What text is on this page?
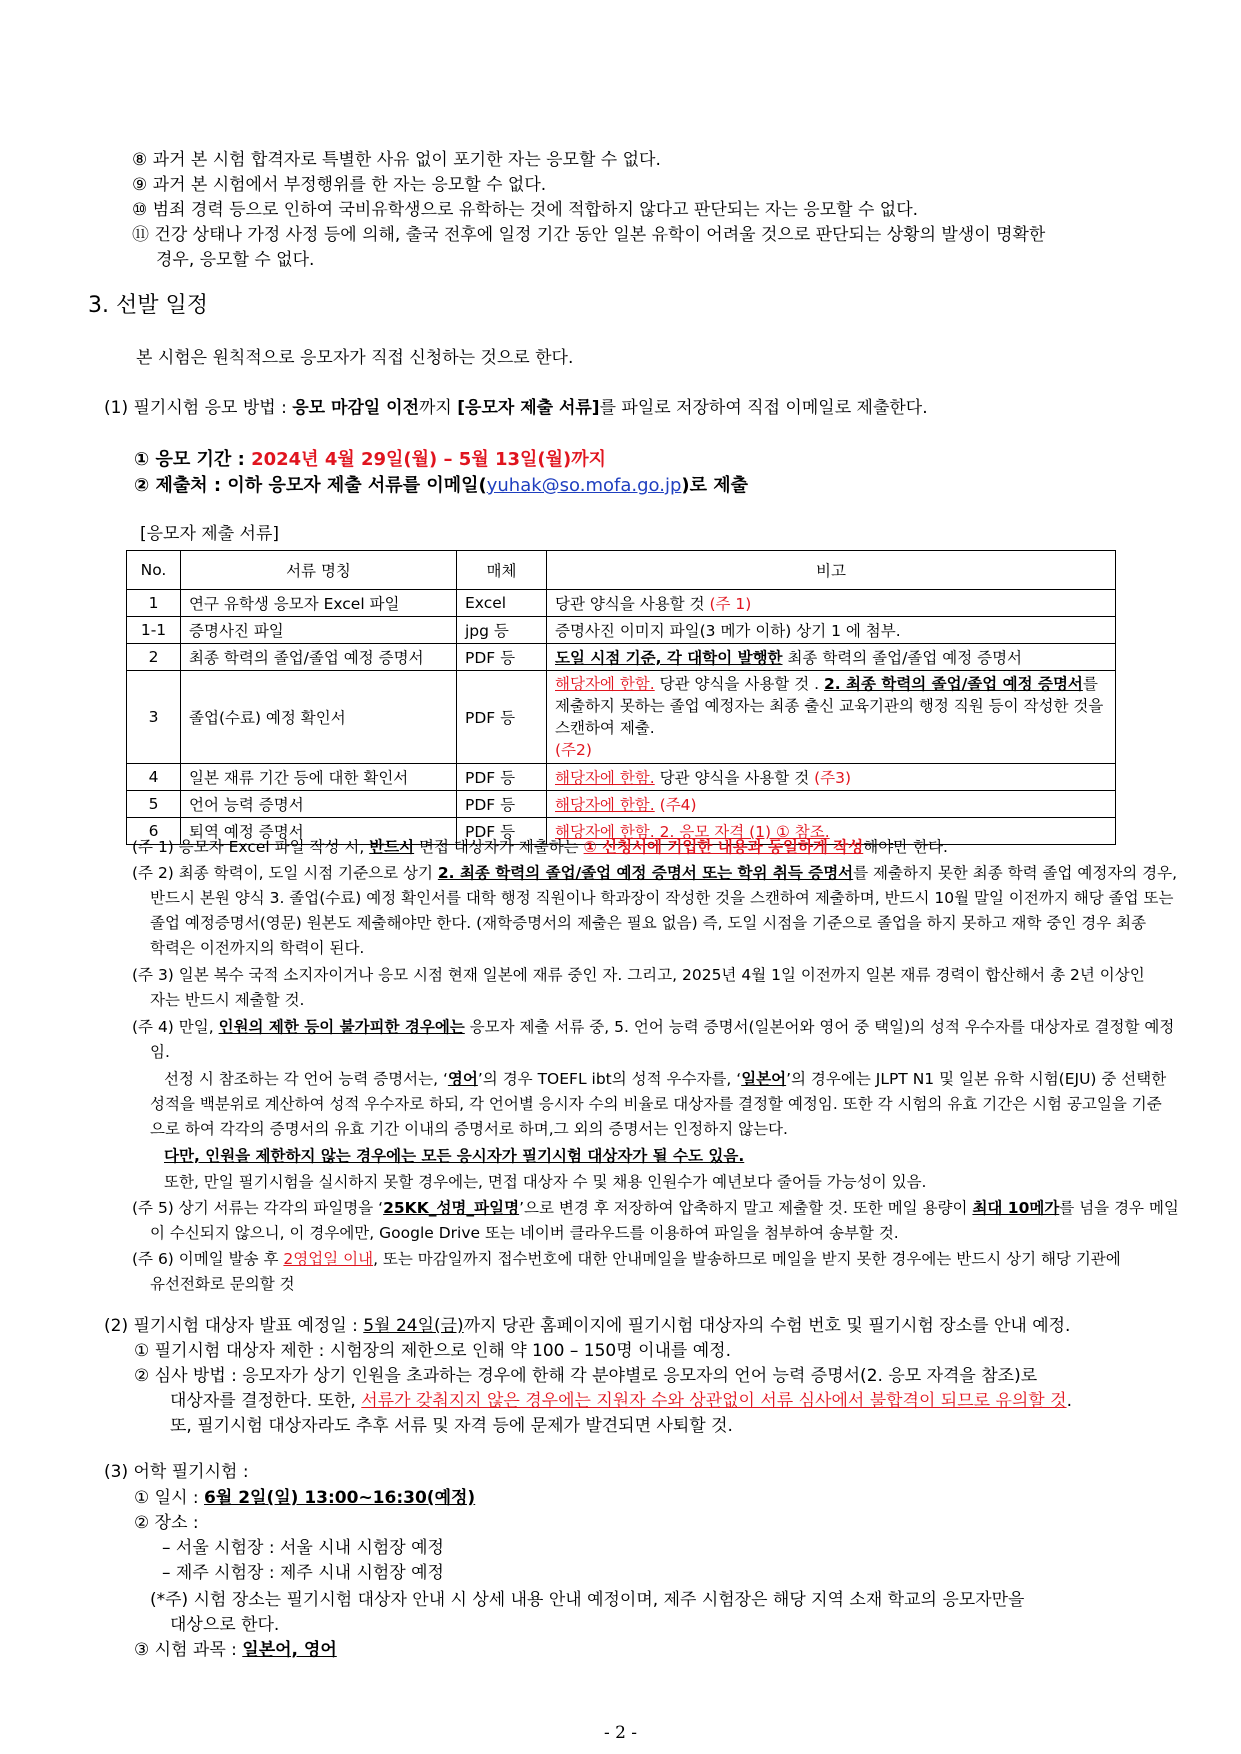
⑧ 과거 본 시험 합격자로 특별한 사유 없이 포기한 자는 응모할 수 없다.
⑨ 과거 본 시험에서 부정행위를 한 자는 응모할 수 없다.
⑩ 범죄 경력 등으로 인하여 국비유학생으로 유학하는 것에 적합하지 않다고 판단되는 자는 응모할 수 없다.
⑪ 건강 상태나 가정 사정 등에 의해, 출국 전후에 일정 기간 동안 일본 유학이 어려울 것으로 판단되는 상황의 발생이 명확한
경우, 응모할 수 없다.
3. 선발 일정
본 시험은 원칙적으로 응모자가 직접 신청하는 것으로 한다.
(1) 필기시험 응모 방법 : 응모 마감일 이전까지 [응모자 제출 서류]를 파일로 저장하여 직접 이메일로 제출한다.
① 응모 기간 : 2024년 4월 29일(월) – 5월 13일(월)까지
② 제출처 : 이하 응모자 제출 서류를 이메일(yuhak@so.mofa.go.jp)로 제출
[응모자 제출 서류]
No.	서류 명칭	매체	비고
1	연구 유학생 응모자 Excel 파일	Excel	당관 양식을 사용할 것 (주 1)
1-1	증명사진 파일	jpg 등	증명사진 이미지 파일(3 메가 이하) 상기 1 에 첨부.
2	최종 학력의 졸업/졸업 예정 증명서	PDF 등	도일 시점 기준, 각 대학이 발행한 최종 학력의 졸업/졸업 예정 증명서
3	졸업(수료) 예정 확인서	PDF 등	해당자에 한함. 당관 양식을 사용할 것 . 2. 최종 학력의 졸업/졸업 예정 증명서를 제출하지 못하는 졸업 예정자는 최종 출신 교육기관의 행정 직원 등이 작성한 것을 스캔하여 제출.
(주2)
4	일본 재류 기간 등에 대한 확인서	PDF 등	해당자에 한함. 당관 양식을 사용할 것 (주3)
5	언어 능력 증명서	PDF 등	해당자에 한함. (주4)
6	퇴역 예정 증명서	PDF 등	해당자에 한함. 2. 응모 자격 (1) ① 참조.
(주 1) 응모자 Excel 파일 작성 시, 반드시 면접 대상자가 제출하는 ① 신청서에 기입한 내용과 동일하게 작성해야만 한다.
(주 2) 최종 학력이, 도일 시점 기준으로 상기 2. 최종 학력의 졸업/졸업 예정 증명서 또는 학위 취득 증명서를 제출하지 못한 최종 학력 졸업 예정자의 경우,
반드시 본원 양식 3. 졸업(수료) 예정 확인서를 대학 행정 직원이나 학과장이 작성한 것을 스캔하여 제출하며, 반드시 10월 말일 이전까지 해당 졸업 또는
졸업 예정증명서(영문) 원본도 제출해야만 한다. (재학증명서의 제출은 필요 없음) 즉, 도일 시점을 기준으로 졸업을 하지 못하고 재학 중인 경우 최종
학력은 이전까지의 학력이 된다.
(주 3) 일본 복수 국적 소지자이거나 응모 시점 현재 일본에 재류 중인 자. 그리고, 2025년 4월 1일 이전까지 일본 재류 경력이 합산해서 총 2년 이상인
자는 반드시 제출할 것.
(주 4) 만일, 인원의 제한 등이 불가피한 경우에는 응모자 제출 서류 중, 5. 언어 능력 증명서(일본어와 영어 중 택일)의 성적 우수자를 대상자로 결정할 예정
임.
선정 시 참조하는 각 언어 능력 증명서는, ‘영어’의 경우 TOEFL ibt의 성적 우수자를, ‘일본어’의 경우에는 JLPT N1 및 일본 유학 시험(EJU) 중 선택한
성적을 백분위로 계산하여 성적 우수자로 하되, 각 언어별 응시자 수의 비율로 대상자를 결정할 예정임. 또한 각 시험의 유효 기간은 시험 공고일을 기준
으로 하여 각각의 증명서의 유효 기간 이내의 증명서로 하며,그 외의 증명서는 인정하지 않는다.
다만, 인원을 제한하지 않는 경우에는 모든 응시자가 필기시험 대상자가 될 수도 있음.
또한, 만일 필기시험을 실시하지 못할 경우에는, 면접 대상자 수 및 채용 인원수가 예년보다 줄어들 가능성이 있음.
(주 5) 상기 서류는 각각의 파일명을 ‘25KK_성명_파일명’으로 변경 후 저장하여 압축하지 말고 제출할 것. 또한 메일 용량이 최대 10메가를 넘을 경우 메일
이 수신되지 않으니, 이 경우에만, Google Drive 또는 네이버 클라우드를 이용하여 파일을 첨부하여 송부할 것.
(주 6) 이메일 발송 후 2영업일 이내, 또는 마감일까지 접수번호에 대한 안내메일을 발송하므로 메일을 받지 못한 경우에는 반드시 상기 해당 기관에
유선전화로 문의할 것
(2) 필기시험 대상자 발표 예정일 : 5월 24일(금)까지 당관 홈페이지에 필기시험 대상자의 수험 번호 및 필기시험 장소를 안내 예정.
① 필기시험 대상자 제한 : 시험장의 제한으로 인해 약 100 – 150명 이내를 예정.
② 심사 방법 : 응모자가 상기 인원을 초과하는 경우에 한해 각 분야별로 응모자의 언어 능력 증명서(2. 응모 자격을 참조)로
대상자를 결정한다. 또한, 서류가 갖춰지지 않은 경우에는 지원자 수와 상관없이 서류 심사에서 불합격이 되므로 유의할 것.
또, 필기시험 대상자라도 추후 서류 및 자격 등에 문제가 발견되면 사퇴할 것.
(3) 어학 필기시험 :
① 일시 : 6월 2일(일) 13:00~16:30(예정)
② 장소 :
– 서울 시험장 : 서울 시내 시험장 예정
– 제주 시험장 : 제주 시내 시험장 예정
(*주) 시험 장소는 필기시험 대상자 안내 시 상세 내용 안내 예정이며, 제주 시험장은 해당 지역 소재 학교의 응모자만을
대상으로 한다.
③ 시험 과목 : 일본어, 영어
- 2 -
